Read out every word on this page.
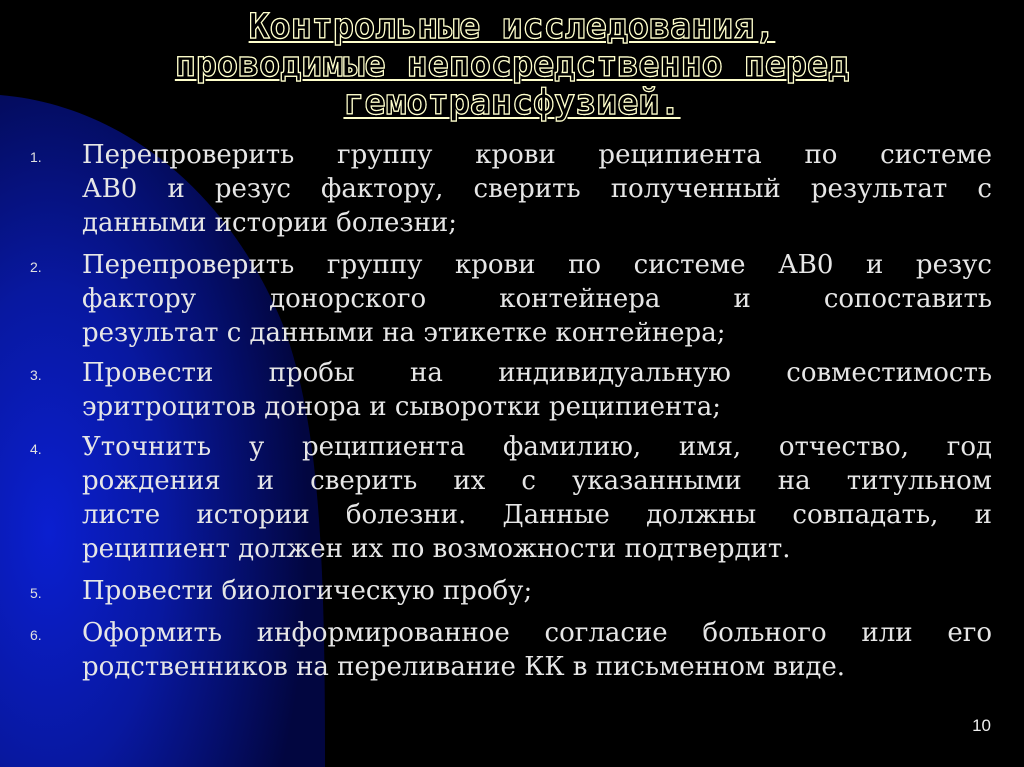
Контрольные исследования,
проводимые непосредственно перед
гемотрансфузией.
1. Перепроверить группу крови реципиента по системе
АВ0 и резус фактору, сверить полученный результат с
данными истории болезни;
2. Перепроверить группу крови по системе АВ0 и резус
фактору донорского контейнера и сопоставить
результат с данными на этикетке контейнера;
3. Провести пробы на индивидуальную совместимость
эритроцитов донора и сыворотки реципиента;
4. Уточнить у реципиента фамилию, имя, отчество, год
рождения и сверить их с указанными на титульном
листе истории болезни. Данные должны совпадать, и
реципиент должен их по возможности подтвердит.
5. Провести биологическую пробу;
6. Оформить информированное согласие больного или его
родственников на переливание КК в письменном виде.
10
